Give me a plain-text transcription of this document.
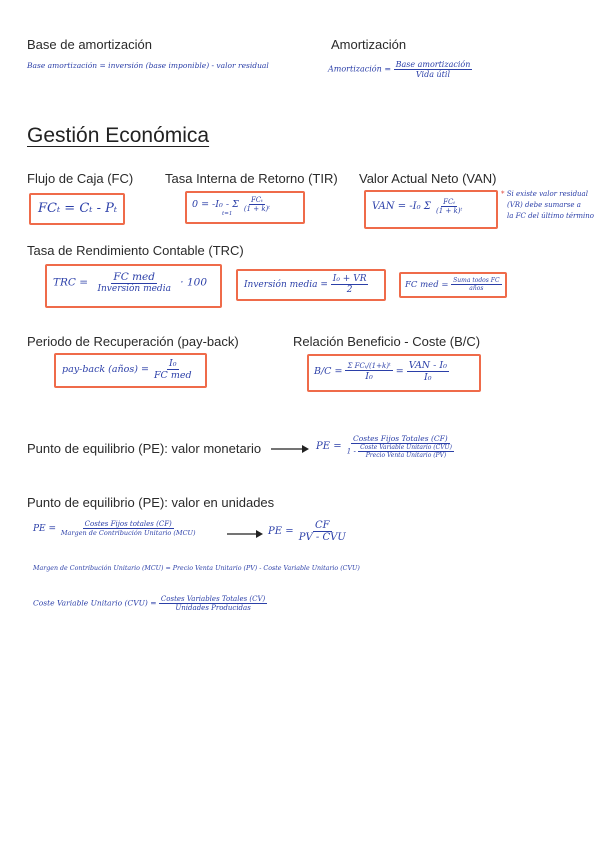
Base de amortización
Base amortización = inversión (base imponible) - valor residual
Amortización
Amortización = $\frac{\text{Base amortización}}{\text{Vida útil}}$
Gestión Económica
Flujo de Caja (FC) Tasa Interna de Retorno (TIR) Valor Actual Neto (VAN)
FCₜ = Cₜ - Pₜ	0 = -I₀ - Σ $\frac{\text{FCₜ}}{\text{(1 + k)ᵗ}}$
t=1
VAN = -I₀ Σ $\frac{\text{FCₜ}}{\text{(1 + k)ᵗ}}$
* Si existe valor residual
(VR) debe sumarse a
la FC del último término
Tasa de Rendimiento Contable (TRC)
TRC = $\frac{\text{FC med}}{\text{Inversión media}} \cdot 100$	Inversión media = $\frac{\text{I₀ + VR}}{2}$	FC med = $\frac{\text{Suma todos FC}}{\text{años}}$
Periodo de Recuperación (pay-back)
pay-back (años) = $\frac{\text{I₀}}{\text{FC med}}$
Relación Beneficio - Coste (B/C)
$B/C = \frac{\text{Σ FCₜ/(1+k)ᵗ}}{\text{I₀}} = \frac{\text{VAN - I₀}}{\text{I₀}}$
Punto de equilibrio (PE): valor monetario	PE =
Costes Fijos Totales (CF)
$1 - \frac{\text{Coste Variable Unitario (CVU)}}{\text{Precio Venta Unitario (PV)}}$
Punto de equilibrio (PE): valor en unidades
PE = $\frac{\text{Costes Fijos totales (CF)}}{\text{Margen de Contribución Unitario (MCU)}}$	PE = $\frac{CF}{\text{PV - CVU}}$
Margen de Contribución Unitario (MCU) = Precio Venta Unitario (PV) - Coste Variable Unitario (CVU)
Coste Variable Unitario $(CVU) = \frac{\text{Costes Variables Totales (CV)}}{\text{Unidades Producidas}}$
